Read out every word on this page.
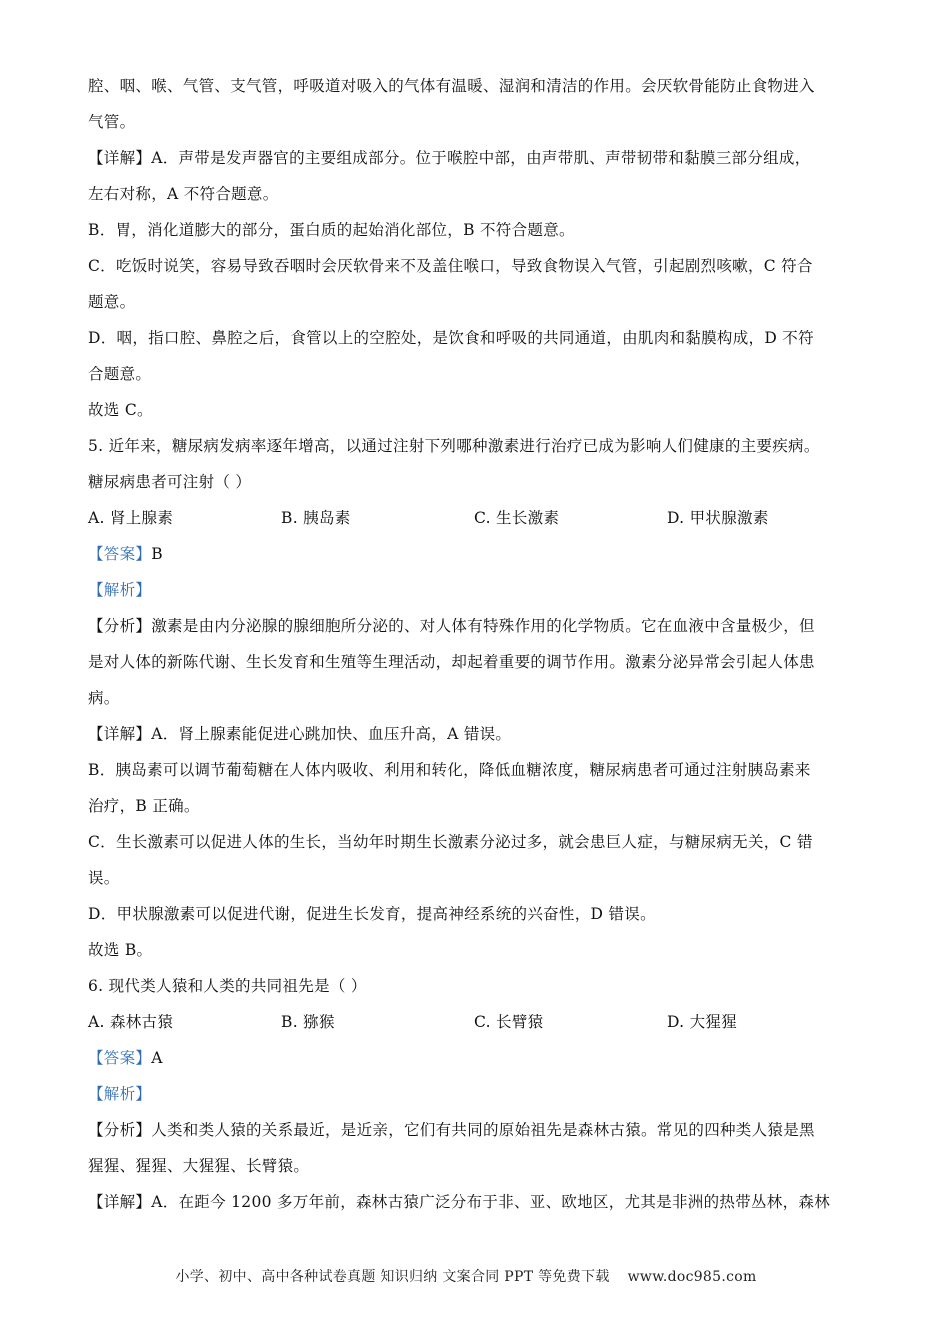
腔、咽、喉、气管、支气管，呼吸道对吸入的气体有温暖、湿润和清洁的作用。会厌软骨能防止食物进入
气管。
【详解】A．声带是发声器官的主要组成部分。位于喉腔中部，由声带肌、声带韧带和黏膜三部分组成，
左右对称，A 不符合题意。
B．胃，消化道膨大的部分，蛋白质的起始消化部位，B 不符合题意。
C．吃饭时说笑，容易导致吞咽时会厌软骨来不及盖住喉口，导致食物误入气管，引起剧烈咳嗽，C 符合
题意。
D．咽，指口腔、鼻腔之后，食管以上的空腔处，是饮食和呼吸的共同通道，由肌肉和黏膜构成，D 不符
合题意。
故选 C。
5. 近年来，糖尿病发病率逐年增高，以通过注射下列哪种激素进行治疗已成为影响人们健康的主要疾病。
糖尿病患者可注射（ ）
A. 肾上腺素	B. 胰岛素	C. 生长激素	D. 甲状腺激素
【答案】B
【解析】
【分析】激素是由内分泌腺的腺细胞所分泌的、对人体有特殊作用的化学物质。它在血液中含量极少，但
是对人体的新陈代谢、生长发育和生殖等生理活动，却起着重要的调节作用。激素分泌异常会引起人体患
病。
【详解】A．肾上腺素能促进心跳加快、血压升高，A 错误。
B．胰岛素可以调节葡萄糖在人体内吸收、利用和转化，降低血糖浓度，糖尿病患者可通过注射胰岛素来
治疗，B 正确。
C．生长激素可以促进人体的生长，当幼年时期生长激素分泌过多，就会患巨人症，与糖尿病无关，C 错
误。
D．甲状腺激素可以促进代谢，促进生长发育，提高神经系统的兴奋性，D 错误。
故选 B。
6. 现代类人猿和人类的共同祖先是（ ）
A. 森林古猿	B. 猕猴	C. 长臂猿	D. 大猩猩
【答案】A
【解析】
【分析】人类和类人猿的关系最近，是近亲，它们有共同的原始祖先是森林古猿。常见的四种类人猿是黑
猩猩、猩猩、大猩猩、长臂猿。
【详解】A．在距今 1200 多万年前，森林古猿广泛分布于非、亚、欧地区，尤其是非洲的热带丛林，森林
小学、初中、高中各种试卷真题 知识归纳 文案合同 PPT 等免费下载 www.doc985.com
